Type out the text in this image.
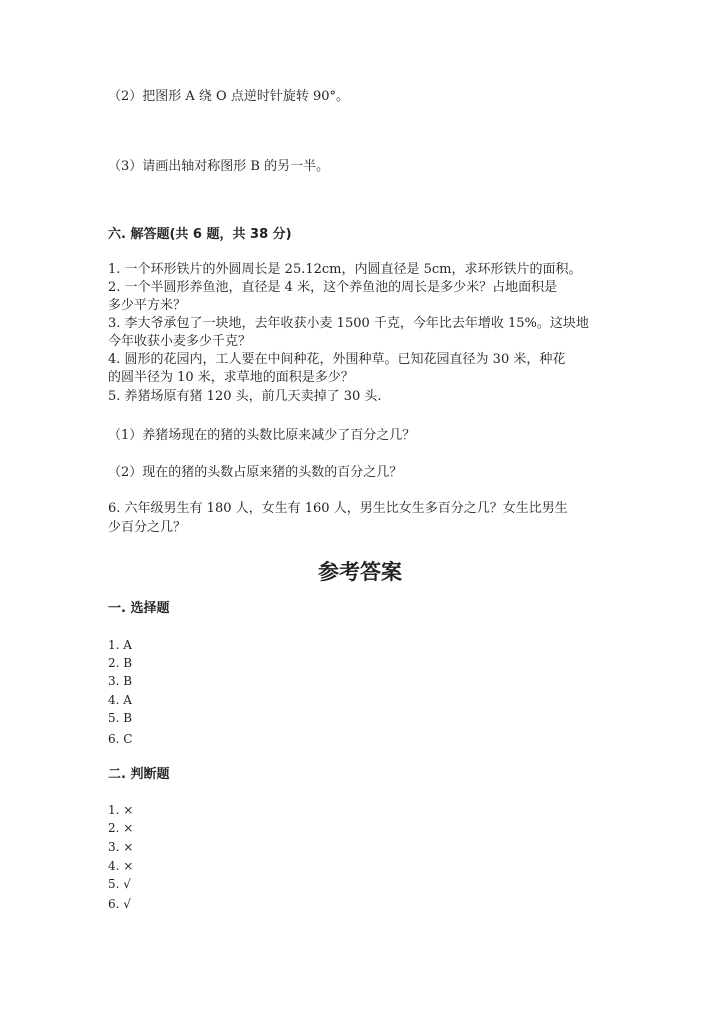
（2）把图形 A 绕 O 点逆时针旋转 90°。
（3）请画出轴对称图形 B 的另一半。
六. 解答题(共 6 题，共 38 分)
1. 一个环形铁片的外圆周长是 25.12cm，内圆直径是 5cm，求环形铁片的面积。
2. 一个半圆形养鱼池，直径是 4 米，这个养鱼池的周长是多少米？占地面积是
多少平方米？
3. 李大爷承包了一块地，去年收获小麦 1500 千克，今年比去年增收 15%。这块地
今年收获小麦多少千克？
4. 圆形的花园内，工人要在中间种花，外围种草。已知花园直径为 30 米，种花
的圆半径为 10 米，求草地的面积是多少？
5. 养猪场原有猪 120 头，前几天卖掉了 30 头.
（1）养猪场现在的猪的头数比原来减少了百分之几？
（2）现在的猪的头数占原来猪的头数的百分之几？
6. 六年级男生有 180 人，女生有 160 人，男生比女生多百分之几？女生比男生
少百分之几？
参考答案
一. 选择题
1. A
2. B
3. B
4. A
5. B
6. C
二. 判断题
1. ×
2. ×
3. ×
4. ×
5. √
6. √
